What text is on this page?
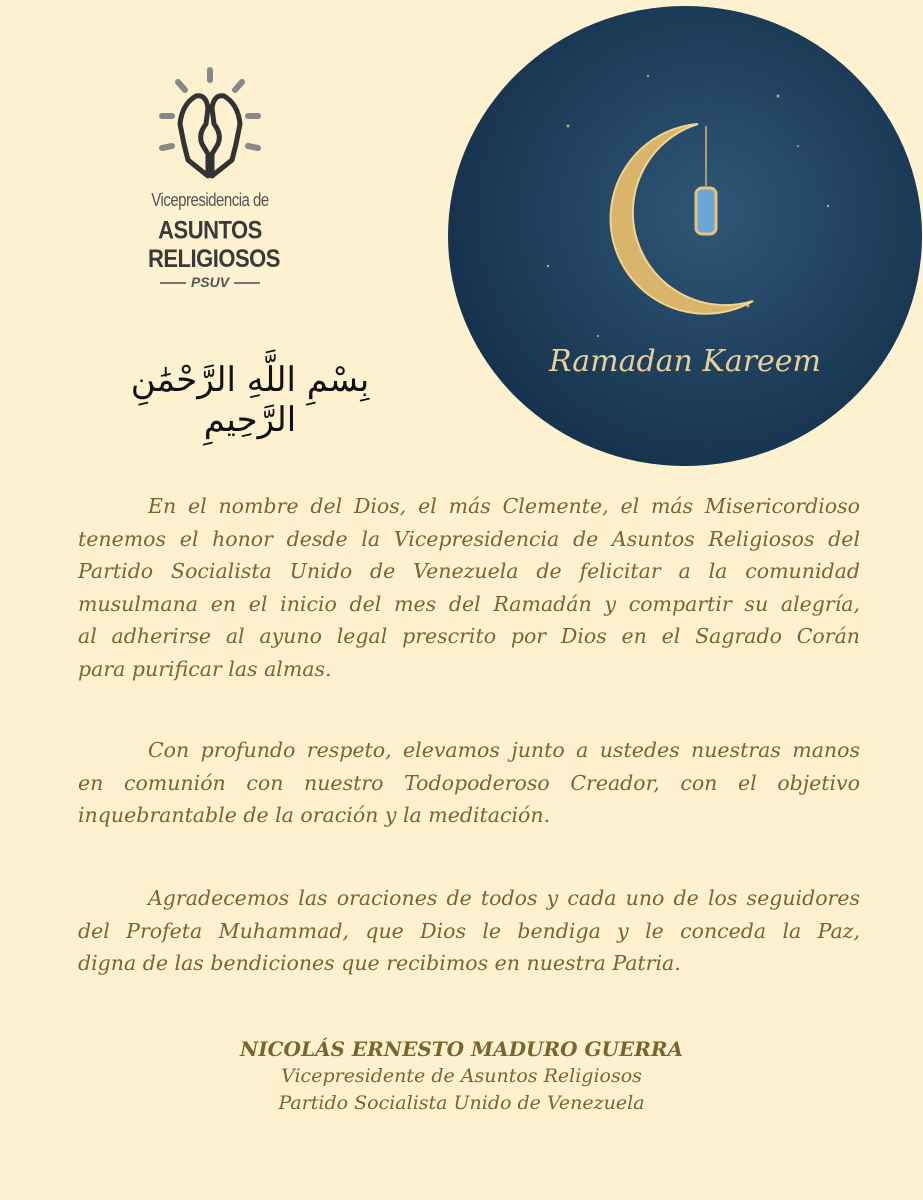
Vicepresidencia de
ASUNTOS
RELIGIOSOS
PSUV
بِسْمِ اللَّهِ الرَّحْمَٰنِ الرَّحِيمِ
Ramadan Kareem
En el nombre del Dios, el más Clemente, el más Misericordioso
tenemos el honor desde la Vicepresidencia de Asuntos Religiosos del
Partido Socialista Unido de Venezuela de felicitar a la comunidad
musulmana en el inicio del mes del Ramadán y compartir su alegría,
al adherirse al ayuno legal prescrito por Dios en el Sagrado Corán
para purificar las almas.
Con profundo respeto, elevamos junto a ustedes nuestras manos
en comunión con nuestro Todopoderoso Creador, con el objetivo
inquebrantable de la oración y la meditación.
Agradecemos las oraciones de todos y cada uno de los seguidores
del Profeta Muhammad, que Dios le bendiga y le conceda la Paz,
digna de las bendiciones que recibimos en nuestra Patria.
NICOLÁS ERNESTO MADURO GUERRA
Vicepresidente de Asuntos Religiosos
Partido Socialista Unido de Venezuela
